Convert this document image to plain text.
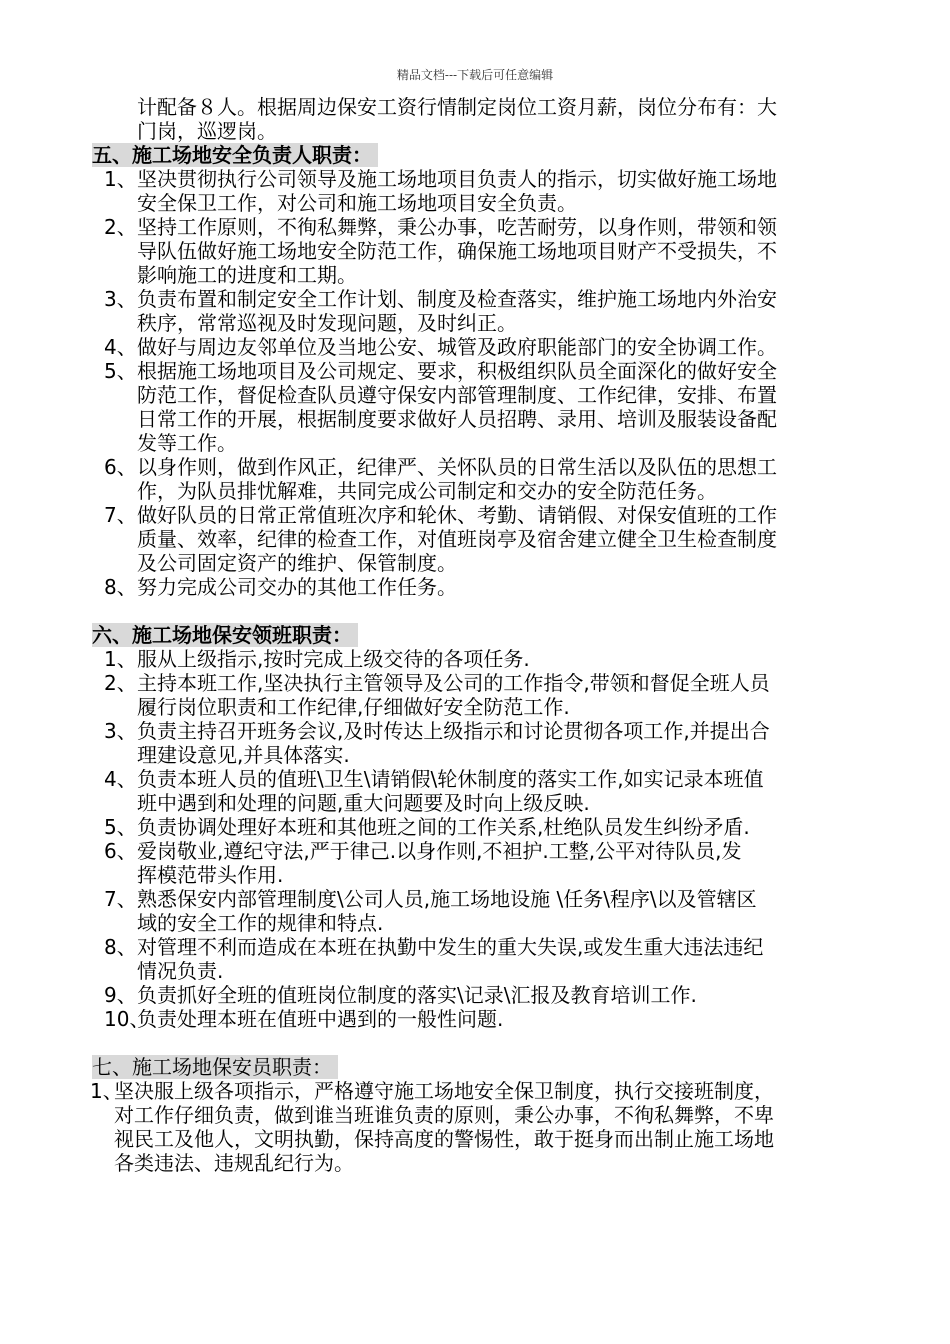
精品文档---下载后可任意编辑
计配备８人。根据周边保安工资行情制定岗位工资月薪，岗位分布有：大
门岗，巡逻岗。
五、施工场地安全负责人职责：
1、 坚决贯彻执行公司领导及施工场地项目负责人的指示，切实做好施工场地
安全保卫工作，对公司和施工场地项目安全负责。
2、 坚持工作原则，不徇私舞弊，秉公办事，吃苦耐劳，以身作则，带领和领
导队伍做好施工场地安全防范工作，确保施工场地项目财产不受损失，不
影响施工的进度和工期。
3、 负责布置和制定安全工作计划、制度及检查落实，维护施工场地内外治安
秩序，常常巡视及时发现问题，及时纠正。
4、 做好与周边友邻单位及当地公安、城管及政府职能部门的安全协调工作。
5、 根据施工场地项目及公司规定、要求，积极组织队员全面深化的做好安全
防范工作，督促检查队员遵守保安内部管理制度、工作纪律，安排、布置
日常工作的开展，根据制度要求做好人员招聘、录用、培训及服装设备配
发等工作。
6、 以身作则，做到作风正，纪律严、关怀队员的日常生活以及队伍的思想工
作，为队员排忧解难，共同完成公司制定和交办的安全防范任务。
7、 做好队员的日常正常值班次序和轮休、考勤、请销假、对保安值班的工作
质量、效率，纪律的检查工作，对值班岗亭及宿舍建立健全卫生检查制度
及公司固定资产的维护、保管制度。
8、 努力完成公司交办的其他工作任务。
六、施工场地保安领班职责：
1、 服从上级指示,按时完成上级交待的各项任务.
2、 主持本班工作,坚决执行主管领导及公司的工作指令,带领和督促全班人员
履行岗位职责和工作纪律,仔细做好安全防范工作.
3、 负责主持召开班务会议,及时传达上级指示和讨论贯彻各项工作,并提出合
理建设意见,并具体落实.
4、 负责本班人员的值班\卫生\请销假\轮休制度的落实工作,如实记录本班值
班中遇到和处理的问题,重大问题要及时向上级反映.
5、 负责协调处理好本班和其他班之间的工作关系,杜绝队员发生纠纷矛盾.
6、 爱岗敬业,遵纪守法,严于律己.以身作则,不袒护.工整,公平对待队员,发
挥模范带头作用.
7、 熟悉保安内部管理制度\公司人员,施工场地设施 \任务\程序\以及管辖区
域的安全工作的规律和特点.
8、 对管理不利而造成在本班在执勤中发生的重大失误,或发生重大违法违纪
情况负责.
9、 负责抓好全班的值班岗位制度的落实\记录\汇报及教育培训工作.
10、
负责处理本班在值班中遇到的一般性问题.
七、施工场地保安员职责：
1、
坚决服上级各项指示，严格遵守施工场地安全保卫制度，执行交接班制度，
对工作仔细负责，做到谁当班谁负责的原则，秉公办事，不徇私舞弊，不卑
视民工及他人，文明执勤，保持高度的警惕性，敢于挺身而出制止施工场地
各类违法、违规乱纪行为。
